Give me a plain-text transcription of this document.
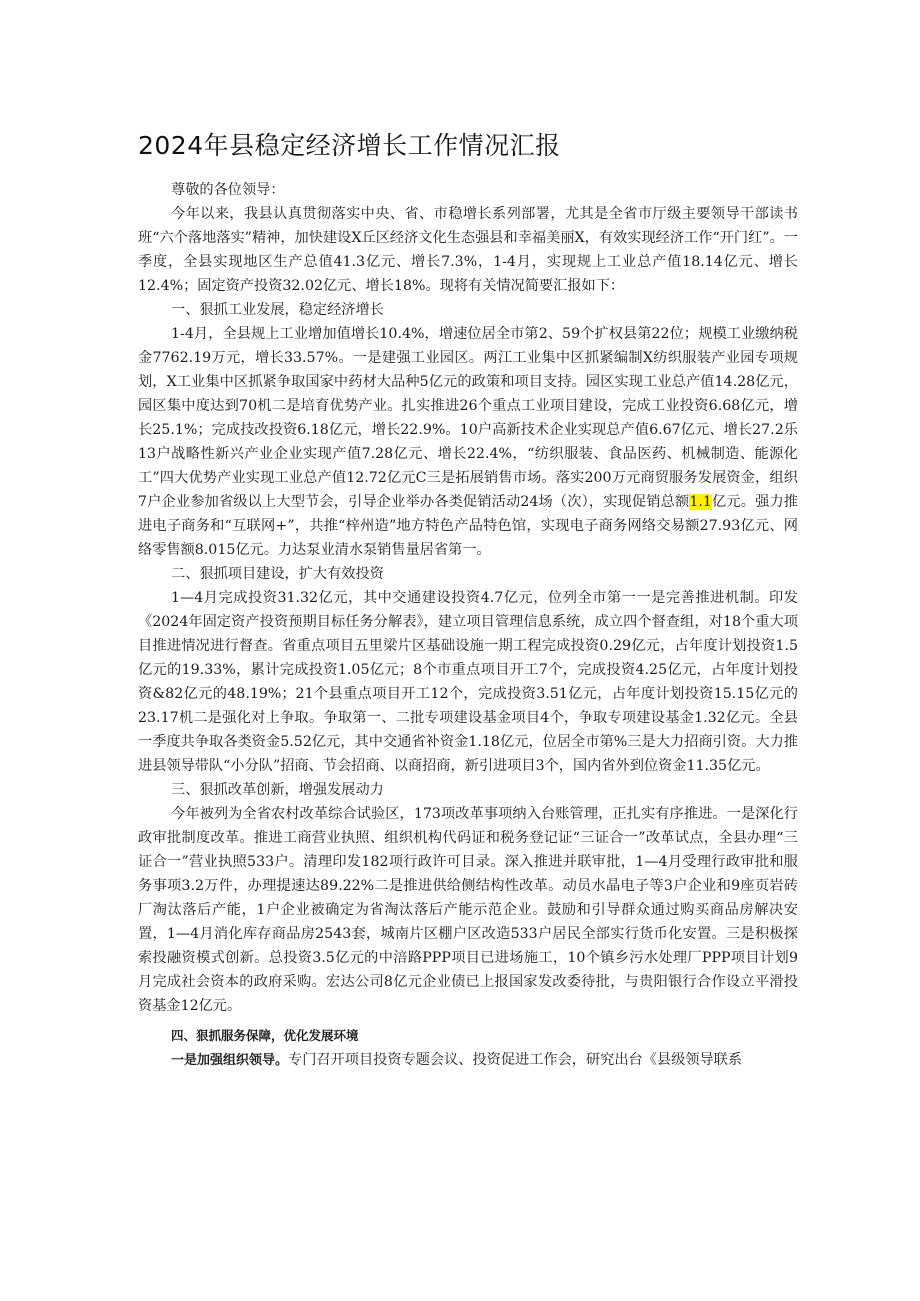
2024年县稳定经济增长工作情况汇报

尊敬的各位领导：

今年以来，我县认真贯彻落实中央、省、市稳增长系列部署，尤其是全省市厅级主要领导干部读书班“六个落地落实”精神，加快建设X丘区经济文化生态强县和幸福美丽X，有效实现经济工作“开门红”。一季度，全县实现地区生产总值41.3亿元、增长7.3%，1-4月，实现规上工业总产值18.14亿元、增长12.4%；固定资产投资32.02亿元、增长18%。现将有关情况简要汇报如下：

一、狠抓工业发展，稳定经济增长

1-4月，全县规上工业增加值增长10.4%，增速位居全市第2、59个扩权县第22位；规模工业缴纳税金7762.19万元，增长33.57%。一是建强工业园区。两江工业集中区抓紧编制X纺织服装产业园专项规划，X工业集中区抓紧争取国家中药材大品种5亿元的政策和项目支持。园区实现工业总产值14.28亿元，园区集中度达到70机二是培育优势产业。扎实推进26个重点工业项目建设，完成工业投资6.68亿元，增长25.1%；完成技改投资6.18亿元，增长22.9%。10户高新技术企业实现总产值6.67亿元、增长27.2乐13户战略性新兴产业企业实现产值7.28亿元、增长22.4%，“纺织服装、食品医药、机械制造、能源化工”四大优势产业实现工业总产值12.72亿元C三是拓展销售市场。落实200万元商贸服务发展资金，组织7户企业参加省级以上大型节会，引导企业举办各类促销活动24场（次），实现促销总额1.1亿元。强力推进电子商务和“互联网+”，共推“梓州造”地方特色产品特色馆，实现电子商务网络交易额27.93亿元、网络零售额8.015亿元。力达泵业清水泵销售量居省第一。

二、狠抓项目建设，扩大有效投资

1—4月完成投资31.32亿元，其中交通建设投资4.7亿元，位列全市第一一是完善推进机制。印发《2024年固定资产投资预期目标任务分解表》，建立项目管理信息系统，成立四个督查组，对18个重大项目推进情况进行督查。省重点项目五里梁片区基础设施一期工程完成投资0.29亿元，占年度计划投资1.5亿元的19.33%，累计完成投资1.05亿元；8个市重点项目开工7个，完成投资4.25亿元，占年度计划投资&82亿元的48.19%；21个县重点项目开工12个，完成投资3.51亿元，占年度计划投资15.15亿元的23.17机二是强化对上争取。争取第一、二批专项建设基金项目4个，争取专项建设基金1.32亿元。全县一季度共争取各类资金5.52亿元，其中交通省补资金1.18亿元，位居全市第%三是大力招商引资。大力推进县领导带队“小分队”招商、节会招商、以商招商，新引进项目3个，国内省外到位资金11.35亿元。

三、狠抓改革创新，增强发展动力

今年被列为全省农村改革综合试验区，173项改革事项纳入台账管理，正扎实有序推进。一是深化行政审批制度改革。推进工商营业执照、组织机构代码证和税务登记证“三证合一”改革试点，全县办理“三证合一”营业执照533户。清理印发182项行政许可目录。深入推进并联审批，1—4月受理行政审批和服务事项3.2万件，办理提速达89.22%二是推进供给侧结构性改革。动员水晶电子等3户企业和9座页岩砖厂淘汰落后产能，1户企业被确定为省淘汰落后产能示范企业。鼓励和引导群众通过购买商品房解决安置，1—4月消化库存商品房2543套，城南片区棚户区改造533户居民全部实行货币化安置。三是积极探索投融资模式创新。总投资3.5亿元的中涪路PPP项目已进场施工，10个镇乡污水处理厂PPP项目计划9月完成社会资本的政府采购。宏达公司8亿元企业债已上报国家发改委待批，与贵阳银行合作设立平滑投资基金12亿元。

四、狠抓服务保障，优化发展环境

一是加强组织领导。专门召开项目投资专题会议、投资促进工作会，研究出台《县级领导联系
